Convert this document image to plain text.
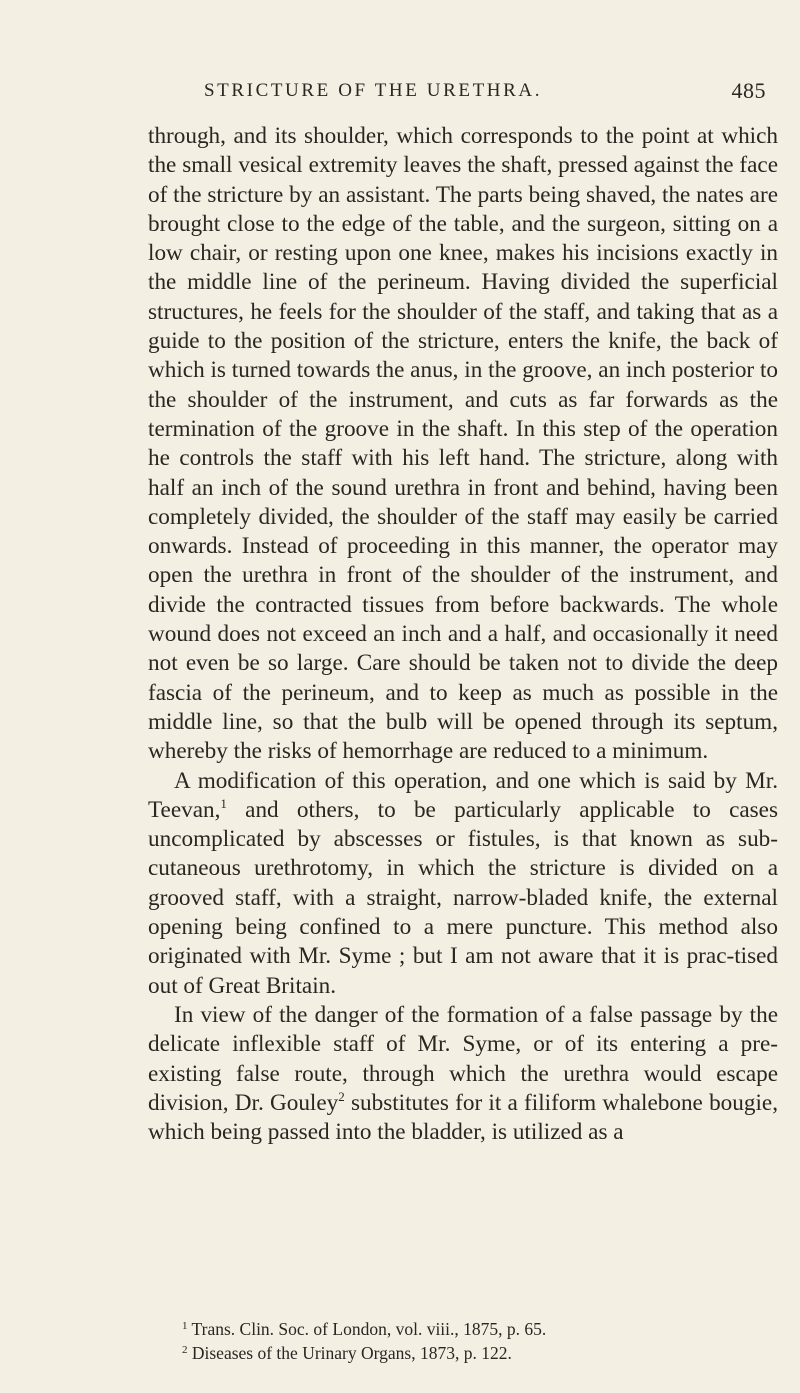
STRICTURE OF THE URETHRA.	485

through, and its shoulder, which corresponds to the point at which the small vesical extremity leaves the shaft, pressed against the face of the stricture by an assistant. The parts being shaved, the nates are brought close to the edge of the table, and the surgeon, sitting on a low chair, or resting upon one knee, makes his incisions exactly in the middle line of the perineum. Having divided the superficial structures, he feels for the shoulder of the staff, and taking that as a guide to the position of the stricture, enters the knife, the back of which is turned towards the anus, in the groove, an inch posterior to the shoulder of the instrument, and cuts as far forwards as the termination of the groove in the shaft. In this step of the operation he controls the staff with his left hand. The stricture, along with half an inch of the sound urethra in front and behind, having been completely divided, the shoulder of the staff may easily be carried onwards. Instead of proceeding in this manner, the operator may open the urethra in front of the shoulder of the instrument, and divide the contracted tissues from before backwards. The whole wound does not exceed an inch and a half, and occasionally it need not even be so large. Care should be taken not to divide the deep fascia of the perineum, and to keep as much as possible in the middle line, so that the bulb will be opened through its septum, whereby the risks of hemorrhage are reduced to a minimum.

A modification of this operation, and one which is said by Mr. Teevan,$^1$ and others, to be particularly applicable to cases uncomplicated by abscesses or fistules, is that known as sub-cutaneous urethrotomy, in which the stricture is divided on a grooved staff, with a straight, narrow-bladed knife, the external opening being confined to a mere puncture. This method also originated with Mr. Syme ; but I am not aware that it is prac-tised out of Great Britain.

In view of the danger of the formation of a false passage by the delicate inflexible staff of Mr. Syme, or of its entering a pre-existing false route, through which the urethra would escape division, Dr. Gouley$^2$ substitutes for it a filiform whalebone bougie, which being passed into the bladder, is utilized as a

$^1$ Trans. Clin. Soc. of London, vol. viii., 1875, p. 65.
$^2$ Diseases of the Urinary Organs, 1873, p. 122.
